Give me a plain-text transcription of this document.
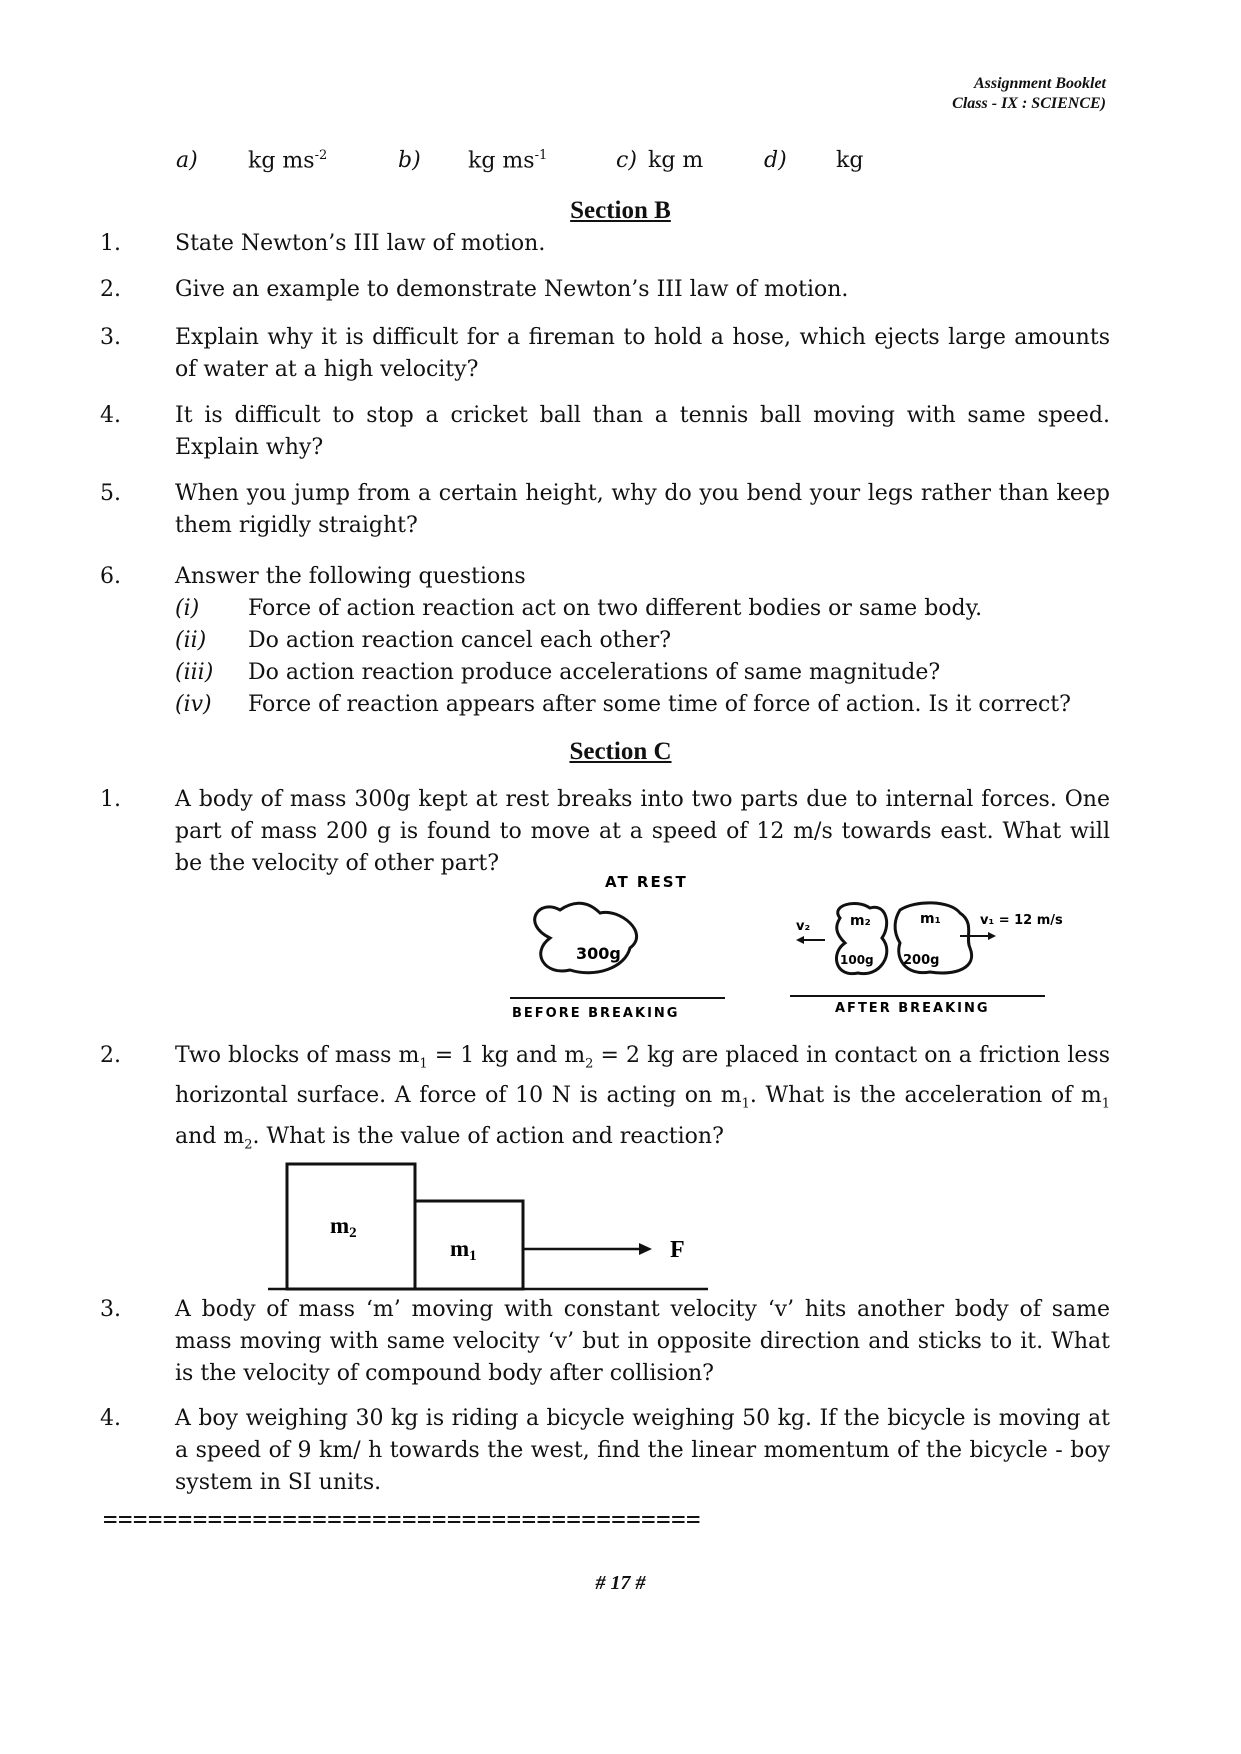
Assignment Booklet
Class - IX : SCIENCE)
a) kg $ms^{-2}$	b) kg $ms^{-1}$	c) kg m	d) kg
Section B
1.	State Newton’s III law of motion.
2.	Give an example to demonstrate Newton’s III law of motion.
3.	Explain why it is difficult for a fireman to hold a hose, which ejects large amounts of water at a high velocity?
4.	It is difficult to stop a cricket ball than a tennis ball moving with same speed. Explain why?
5.	When you jump from a certain height, why do you bend your legs rather than keep them rigidly straight?
6.	Answer the following questions
(i) Force of action reaction act on two different bodies or same body.
(ii) Do action reaction cancel each other?
(iii) Do action reaction produce accelerations of same magnitude?
(iv) Force of reaction appears after some time of force of action. Is it correct?
Section C
1.	A body of mass 300g kept at rest breaks into two parts due to internal forces. One part of mass 200 g is found to move at a speed of 12 m/s towards east. What will be the velocity of other part?
AT REST
300g
BEFORE BREAKING
m₂	m₁
100g 200g
v₂	v₁ = 12 m/s
AFTER BREAKING
2.	Two blocks of mass $m_1 = 1$ kg and $m_2 = 2$ kg are placed in contact on a friction less horizontal surface. A force of 10 N is acting on $m_1$. What is the acceleration of $m_1$ and $m_2$. What is the value of action and reaction?
m2
m1	F
3.	A body of mass ‘m’ moving with constant velocity ‘v’ hits another body of same mass moving with same velocity ‘v’ but in opposite direction and sticks to it. What is the velocity of compound body after collision?
4.	A boy weighing 30 kg is riding a bicycle weighing 50 kg. If the bicycle is moving at a speed of 9 km/ h towards the west, find the linear momentum of the bicycle - boy system in SI units.
========================================
# 17 #
